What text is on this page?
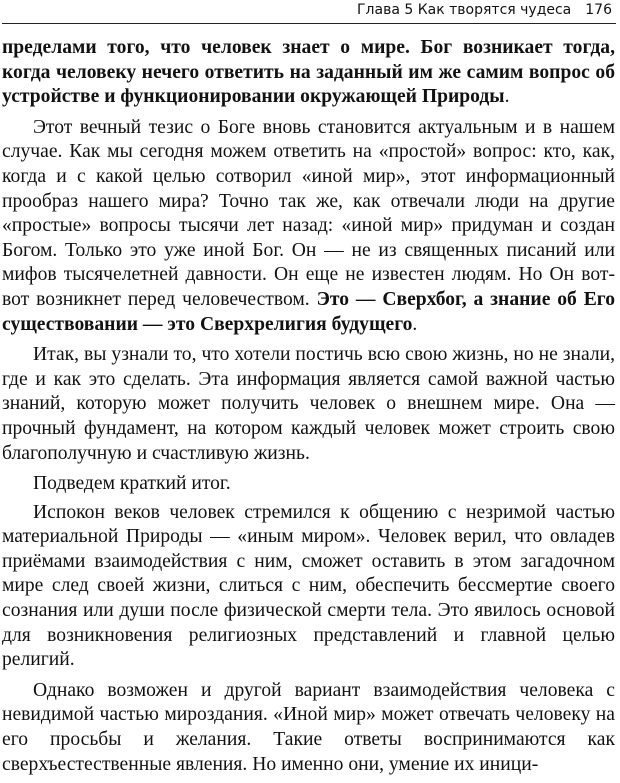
Глава 5 Как творятся чудеса 176

пределами того, что человек знает о мире. Бог возникает тогда, когда человеку нечего ответить на заданный им же самим вопрос об устройстве и функционировании окружающей Природы.

Этот вечный тезис о Боге вновь становится актуальным и в нашем случае. Как мы сегодня можем ответить на «простой» вопрос: кто, как, когда и с какой целью сотворил «иной мир», этот информационный прообраз нашего мира? Точно так же, как отвечали люди на другие «простые» вопросы тысячи лет назад: «иной мир» придуман и создан Богом. Только это уже иной Бог. Он — не из священных писаний или мифов тысячелетней давности. Он еще не известен людям. Но Он вот-вот возникнет перед человечеством. Это — Сверхбог, а знание об Его существовании — это Сверхрелигия будущего.

Итак, вы узнали то, что хотели постичь всю свою жизнь, но не знали, где и как это сделать. Эта информация является самой важной частью знаний, которую может получить человек о внешнем мире. Она — прочный фундамент, на котором каждый человек может строить свою благополучную и счастливую жизнь.

Подведем краткий итог.

Испокон веков человек стремился к общению с незримой частью материальной Природы — «иным миром». Человек верил, что овладев приёмами взаимодействия с ним, сможет оставить в этом загадочном мире след своей жизни, слиться с ним, обеспечить бессмертие своего сознания или души после физической смерти тела. Это явилось основой для возникновения религиозных представлений и главной целью религий.

Однако возможен и другой вариант взаимодействия человека с невидимой частью мироздания. «Иной мир» может отвечать человеку на его просьбы и желания. Такие ответы воспринимаются как сверхъестественные явления. Но именно они, умение их иници-
